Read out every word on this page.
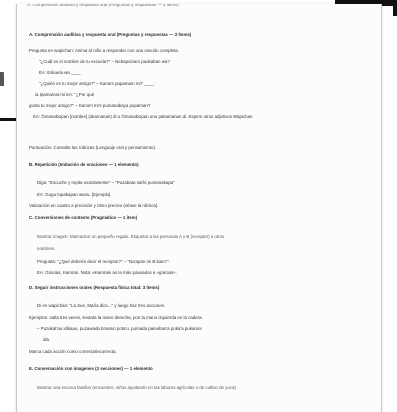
e
A. Comprensión auditiva y respuesta oral (Preguntas y respuestas — 3 ítems)
A. Comprensión auditiva y respuesta oral (Preguntas y respuestas — 3 ítems)
Pregunta en wapichan: Anima al niño a responder con una oración completa.
"¿Cuál es el nombre de tu escuela?" – Nebapoinam paokaban wa?
EA: Eskuela wa ____
"¿Quién es tu mejor amigo?" – Kanom pupamam mi? ____
ia Ipamamai-mi EA: "¿Por qué
gusta tu mejor amigo?" – Kanom mi's pumanabaya pupaman?
EA: Ōmanakiopan [nombre] (akamanan) di o Ōmanakiopan unu pakamanan di. Espere otros adjetivos Wapichan
Puntuación: Consulte las rúbricas (Lenguaje oral y pensamiento).
B. Repetición (Imitación de oraciones — 1 elemento)
Diga: "Escuche y repita exactamente" – "Puzabata nai'ki pumanakapa"
EA: Gugu tupakapan wanu. [Ejemplo].
Valoración en cuanto a precisión y ritmo preciso (véase la rúbrica).
C. Conversiones de contexto (Pragmático — 1 ítem)
Mostrar imagen: Mamacitor un pequeño regalo. Etiquetar a las personas A y B (receptor) a otros
nombres.
Pregunta: "¿Qué debería decir el receptor?" – "Na'apan mi B kian?".
EA: Gracias, Kamran. Nota: eKamrani as te más pausados a «gracias».
D. Seguir instrucciones orales (Respuesta física total: 3 ítems)
Di en wapichan: "La Sue, María dice..." y luego haz tres acciones.
Ejemplos: salta tres veces, levanta la mano derecha, pon la mano izquierda en la cadera.
– Puzakat'au idikaau, puzawada bmamo pota'u, pumada paineban'a poka'a pukamor
ida.
Marca cada acción como correcta/incorrecta.
E. Conversación con imágenes (2 secciones) — 1 elemento
Mostrar una escena familiar (encuentro, niños ayudando en las labores agrícolas o de cultivo de yuca)
